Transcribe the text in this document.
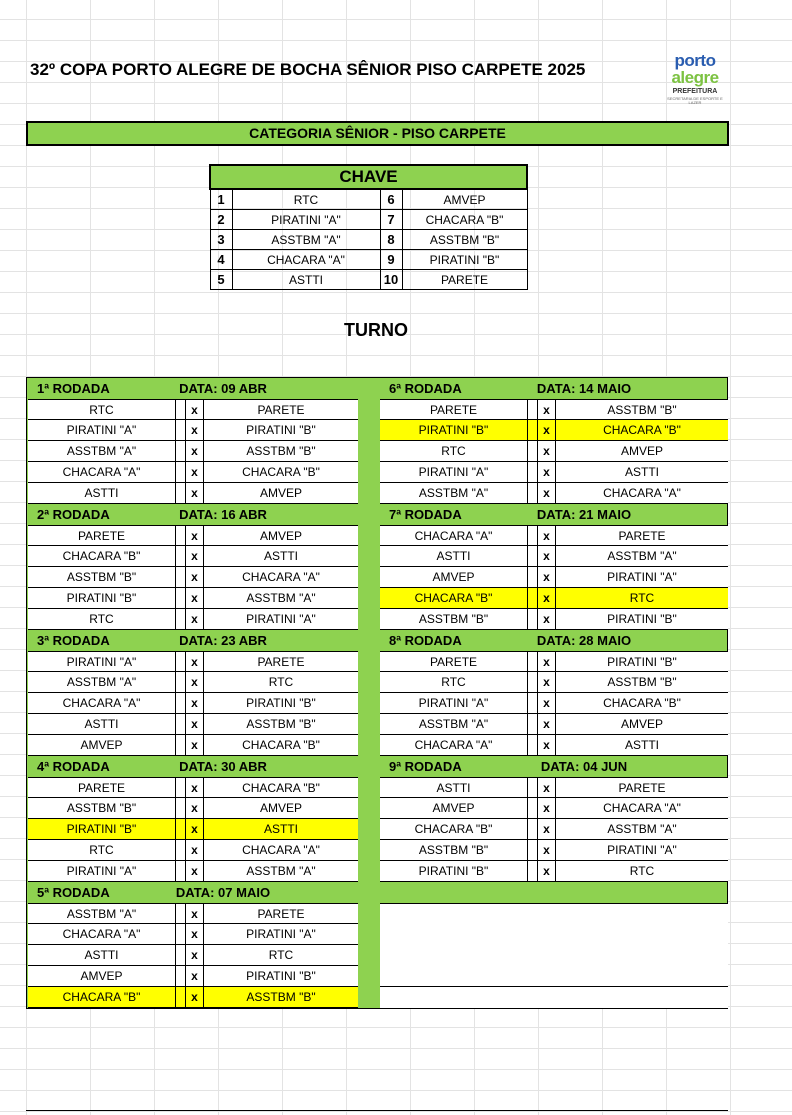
32º COPA PORTO ALEGRE DE BOCHA SÊNIOR PISO CARPETE 2025	porto
alegre
PREFEITURA
SECRETARIA DE ESPORTE E LAZER
CATEGORIA SÊNIOR - PISO CARPETE
CHAVE			
1	RTC	6	AMVEP
2	PIRATINI "A"	7	CHACARA "B"
3	ASSTBM "A"	8	ASSTBM "B"
4	CHACARA "A"	9	PIRATINI "B"
5	ASTTI	10	PARETE
TURNO
DATA: 09 ABR
1ª RODADA
RTC	x	PARETE
PIRATINI "A"	x	PIRATINI "B"
ASSTBM "A"	x	ASSTBM "B"
CHACARA "A"	x	CHACARA "B"
ASTTI	x	AMVEP
DATA: 16 ABR
2ª RODADA
PARETE	x	AMVEP
CHACARA "B"	x	ASTTI
ASSTBM "B"	x	CHACARA "A"
PIRATINI "B"	x	ASSTBM "A"
RTC	x	PIRATINI "A"
DATA: 23 ABR
3ª RODADA
PIRATINI "A"	x	PARETE
ASSTBM "A"	x	RTC
CHACARA "A"	x	PIRATINI "B"
ASTTI	x	ASSTBM "B"
AMVEP	x	CHACARA "B"
DATA: 30 ABR
4ª RODADA
PARETE	x	CHACARA "B"
ASSTBM "B"	x	AMVEP
PIRATINI "B"	x	ASTTI
RTC	x	CHACARA "A"
PIRATINI "A"	x	ASSTBM "A"
DATA: 07 MAIO
5ª RODADA
ASSTBM "A"	x	PARETE
CHACARA "A"	x	PIRATINI "A"
ASTTI	x	RTC
AMVEP	x	PIRATINI "B"
CHACARA "B"	x	ASSTBM "B"
DATA: 14 MAIO
6ª RODADA
PARETE	x	ASSTBM "B"
PIRATINI "B"	x	CHACARA "B"
RTC	x	AMVEP
PIRATINI "A"	x	ASTTI
ASSTBM "A"	x	CHACARA "A"
DATA: 21 MAIO
7ª RODADA
CHACARA "A"	x	PARETE
ASTTI	x	ASSTBM "A"
AMVEP	x	PIRATINI "A"
CHACARA "B"	x	RTC
ASSTBM "B"	x	PIRATINI "B"
DATA: 28 MAIO
8ª RODADA
PARETE	x	PIRATINI "B"
RTC	x	ASSTBM "B"
PIRATINI "A"	x	CHACARA "B"
ASSTBM "A"	x	AMVEP
CHACARA "A"	x	ASTTI
DATA: 04 JUN
9ª RODADA
ASTTI	x	PARETE
AMVEP	x	CHACARA "A"
CHACARA "B"	x	ASSTBM "A"
ASSTBM "B"	x	PIRATINI "A"
PIRATINI "B"	x	RTC
